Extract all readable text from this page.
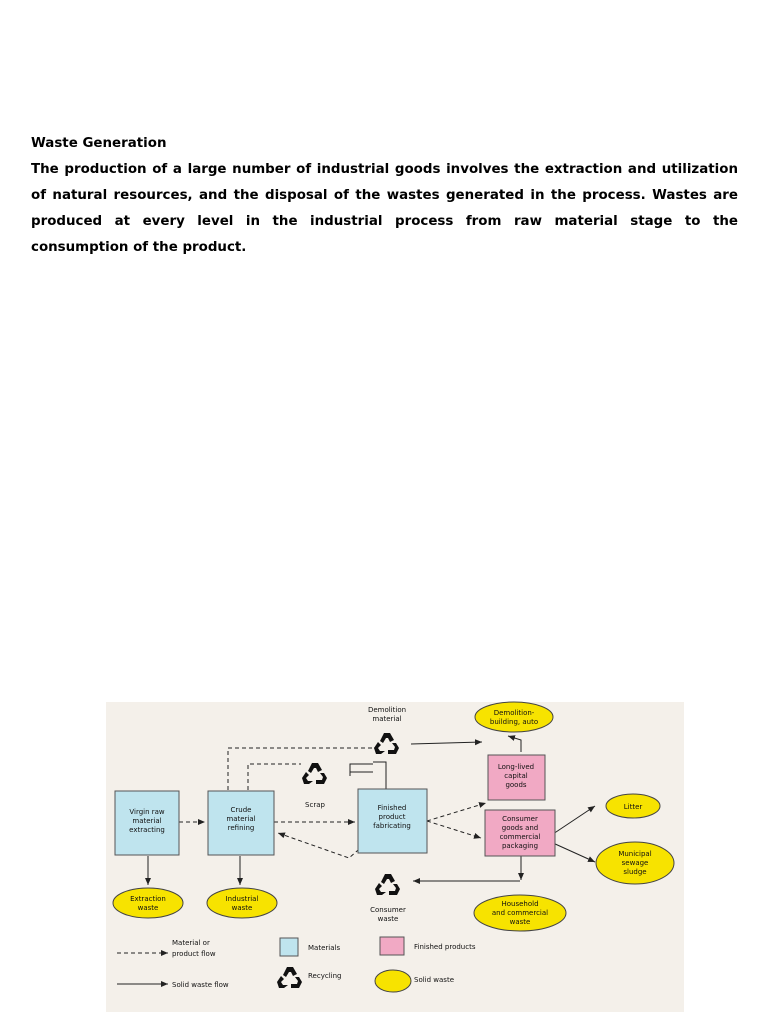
Waste Generation
The production of a large number of industrial goods involves the extraction and utilization of natural resources, and the disposal of the wastes generated in the process. Wastes are produced at every level in the industrial process from raw material stage to the consumption of the product.
Virgin raw material extracting
Crude material refining
Finished product fabricating
Long-lived capital goods
Consumer goods and commercial packaging
Demolition-building, auto
Litter
Municipal sewage sludge
Extraction waste
Industrial waste	Household and commercial waste
Demolition material
Scrap
Consumer waste
Material or product flow
Solid waste flow
Materials
Recycling
Finished products
Solid waste
